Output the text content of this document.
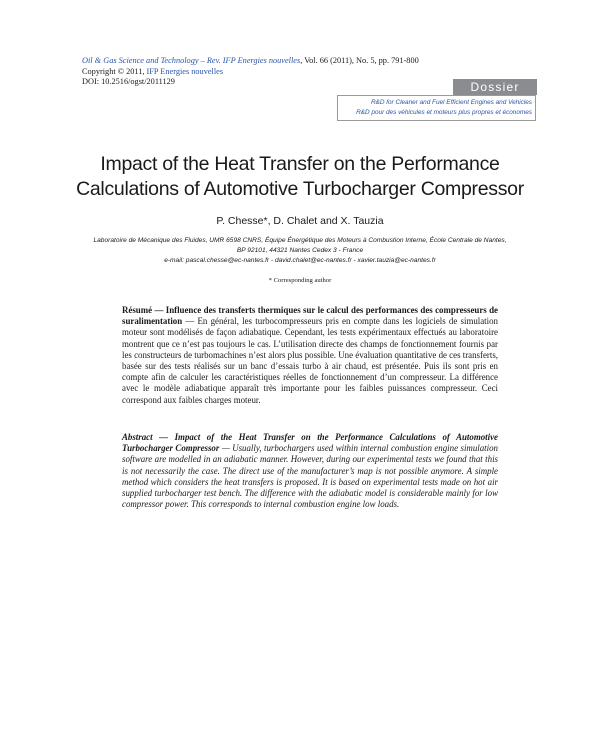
Oil & Gas Science and Technology – Rev. IFP Energies nouvelles, Vol. 66 (2011), No. 5, pp. 791-800
Copyright © 2011, IFP Energies nouvelles
DOI: 10.2516/ogst/2011129	Dossier
R&D for Cleaner and Fuel Efficient Engines and Vehicles
R&D pour des véhicules et moteurs plus propres et économes
Impact of the Heat Transfer on the Performance
Calculations of Automotive Turbocharger Compressor
P. Chesse*, D. Chalet and X. Tauzia
Laboratoire de Mécanique des Fluides, UMR 6598 CNRS, Équipe Énergétique des Moteurs à Combustion Interne, École Centrale de Nantes,
BP 92101, 44321 Nantes Cedex 3 - France
e-mail: pascal.chesse@ec-nantes.fr - david.chalet@ec-nantes.fr - xavier.tauzia@ec-nantes.fr
* Corresponding author

Résumé — Influence des transferts thermiques sur le calcul des performances des compresseurs de suralimentation — En général, les turbocompresseurs pris en compte dans les logiciels de simulation moteur sont modélisés de façon adiabatique. Cependant, les tests expérimentaux effectués au laboratoire montrent que ce n’est pas toujours le cas. L’utilisation directe des champs de fonctionnement fournis par les constructeurs de turbomachines n’est alors plus possible. Une évaluation quantitative de ces transferts, basée sur des tests réalisés sur un banc d’essais turbo à air chaud, est présentée. Puis ils sont pris en compte afin de calculer les caractéristiques réelles de fonctionnement d’un compresseur. La différence avec le modèle adiabatique apparaît très importante pour les faibles puissances compresseur. Ceci correspond aux faibles charges moteur.

Abstract — Impact of the Heat Transfer on the Performance Calculations of Automotive Turbocharger Compressor — Usually, turbochargers used within internal combustion engine simulation software are modelled in an adiabatic manner. However, during our experimental tests we found that this is not necessarily the case. The direct use of the manufacturer’s map is not possible anymore. A simple method which considers the heat transfers is proposed. It is based on experimental tests made on hot air supplied turbocharger test bench. The difference with the adiabatic model is considerable mainly for low compressor power. This corresponds to internal combustion engine low loads.
